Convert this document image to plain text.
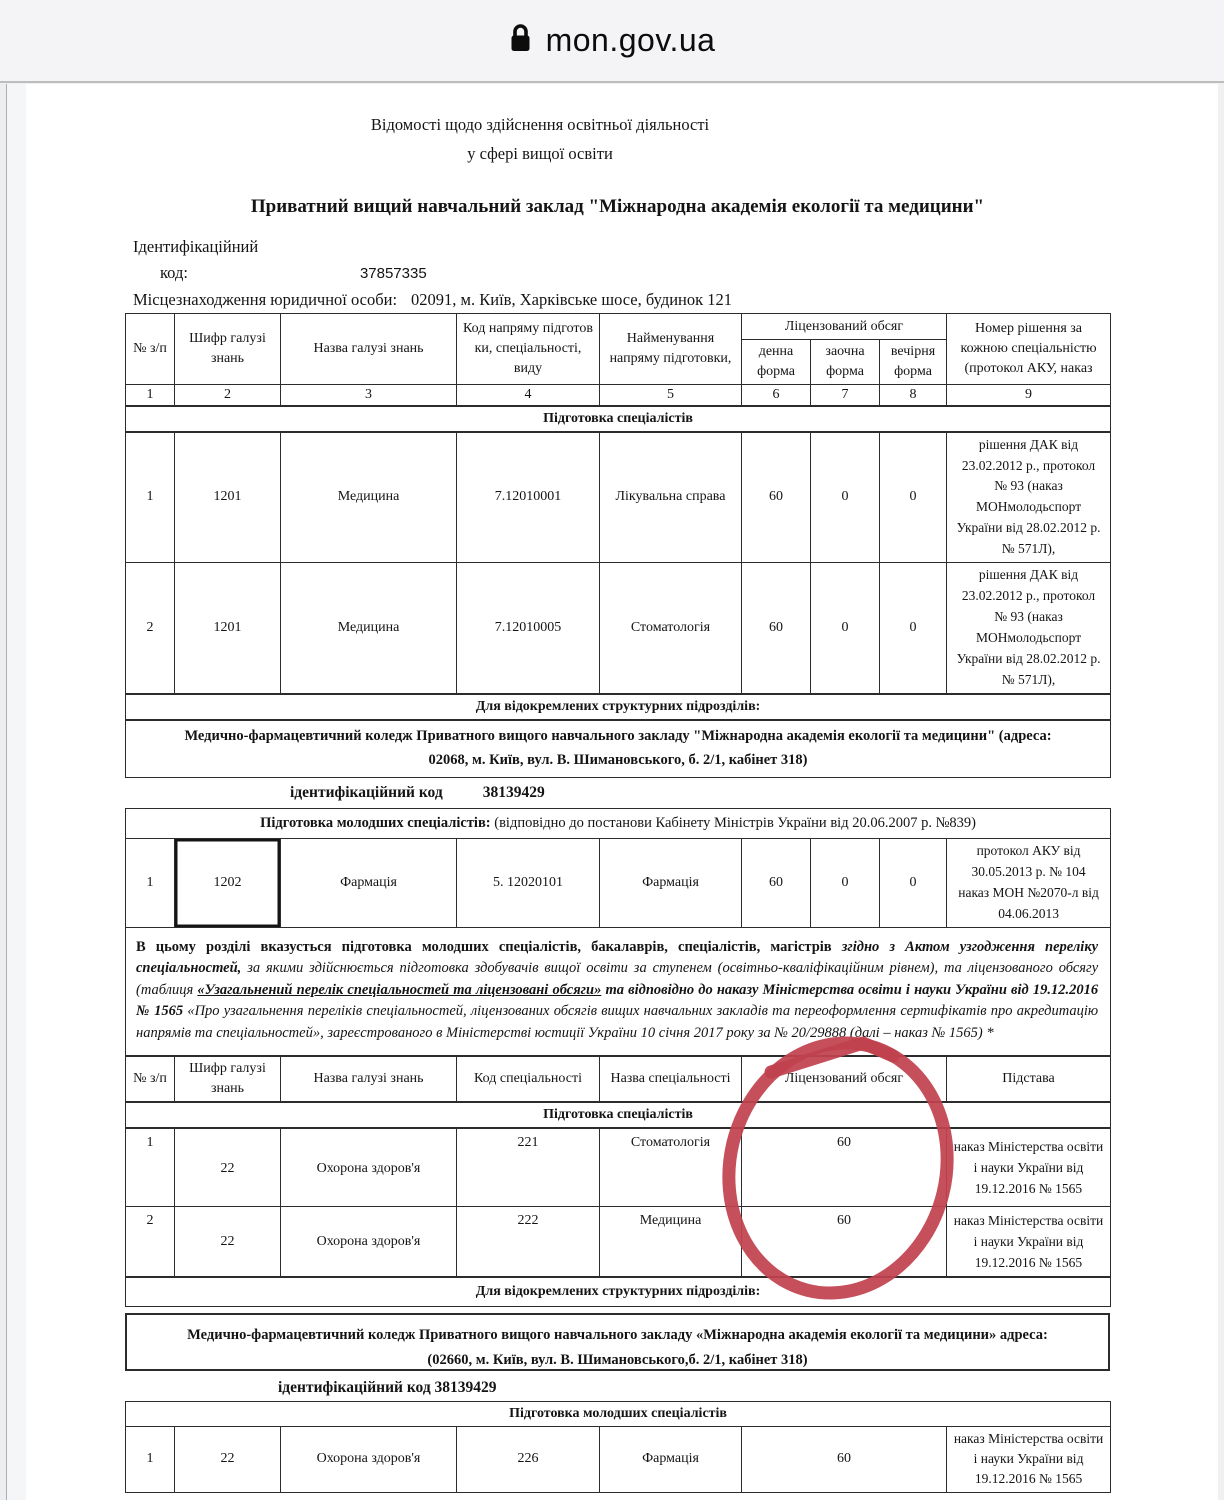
mon.gov.ua
Відомості щодо здійснення освітньої діяльності
у сфері вищої освіти
Приватний вищий навчальний заклад "Міжнародна академія екології та медицини"
Ідентифікаційний
код:	37857335
Місцезнаходження юридичної особи: 02091, м. Київ, Харківське шосе, будинок 121
№ з/п	Шифр галузі знань	Назва галузі знань	Код напряму підготов ки, спеціальності, виду	Найменування напряму підготовки,	Ліцензований обсяг			Номер рішення за кожною спеціальністю (протокол АКУ, наказ
					денна форма	заочна форма	вечірня форма	
1	2	3	4	5	6	7	8	9
Підготовка спеціалістів								
1	1201	Медицина	7.12010001	Лікувальна справа	60	0	0	рішення ДАК від 23.02.2012 р., протокол № 93 (наказ МОНмолодьспорт України від 28.02.2012 р.№ 571Л),
2	1201	Медицина	7.12010005	Стоматологія	60	0	0	рішення ДАК від 23.02.2012 р., протокол № 93 (наказ МОНмолодьспорт України від 28.02.2012 р.№ 571Л),
Для відокремлених структурних підрозділів:								

Медично-фармацевтичний коледж Приватного вищого навчального закладу "Міжнародна академія екології та медицини" (адреса:
02068, м. Київ, вул. В. Шимановського, б. 2/1, кабінет 318)								
ідентифікаційний код	38139429
Підготовка молодших спеціалістів: (відповідно до постанови Кабінету Міністрів України від 20.06.2007 р. №839)
1	1202	Фармація	5. 12020101	Фармація	60	0	0	протокол АКУ від 30.05.2013 р. № 104 наказ МОН №2070-л від 04.06.2013
В цьому розділі вказусться підготовка молодших спеціалістів, бакалаврів, спеціалістів, магістрів згідно з Актом узгодження переліку спеціальностей, за якими здійснюється підготовка здобувачів вищої освіти за ступенем (освітньо-кваліфікаційним рівнем), та ліцензованого обсягу (таблиця «Узагальнений перелік спеціальностей та ліцензовані обсяги» та відповідно до наказу Міністерства освіти і науки України від 19.12.2016 № 1565 «Про узагальнення переліків спеціальностей, ліцензованих обсягів вищих навчальних закладів та переоформлення сертифікатів про акредитацію напрямів та спеціальностей», зареєстрованого в Міністерстві юстиції України 10 січня 2017 року за № 20/29888 (далі – наказ № 1565) *
№ з/п	Шифр галузі знань	Назва галузі знань	Код спеціальності	Назва спеціальності	Ліцензований обсяг	Підстава
Підготовка спеціалістів						
1	22	Охорона здоров'я	221	Стоматологія	60	наказ Міністерства освіти і науки України від 19.12.2016 № 1565
2	22	Охорона здоров'я	222	Медицина	60	наказ Міністерства освіти і науки України від 19.12.2016 № 1565
Для відокремлених структурних підрозділів:						
Медично-фармацевтичний коледж Приватного вищого навчального закладу «Міжнародна академія екології та медицини» адреса:
(02660, м. Київ, вул. В. Шимановського,б. 2/1, кабінет 318)
ідентифікаційний код 38139429
Підготовка молодших спеціалістів
1	22	Охорона здоров'я	226	Фармація	60	наказ Міністерства освіти і науки України від 19.12.2016 № 1565
